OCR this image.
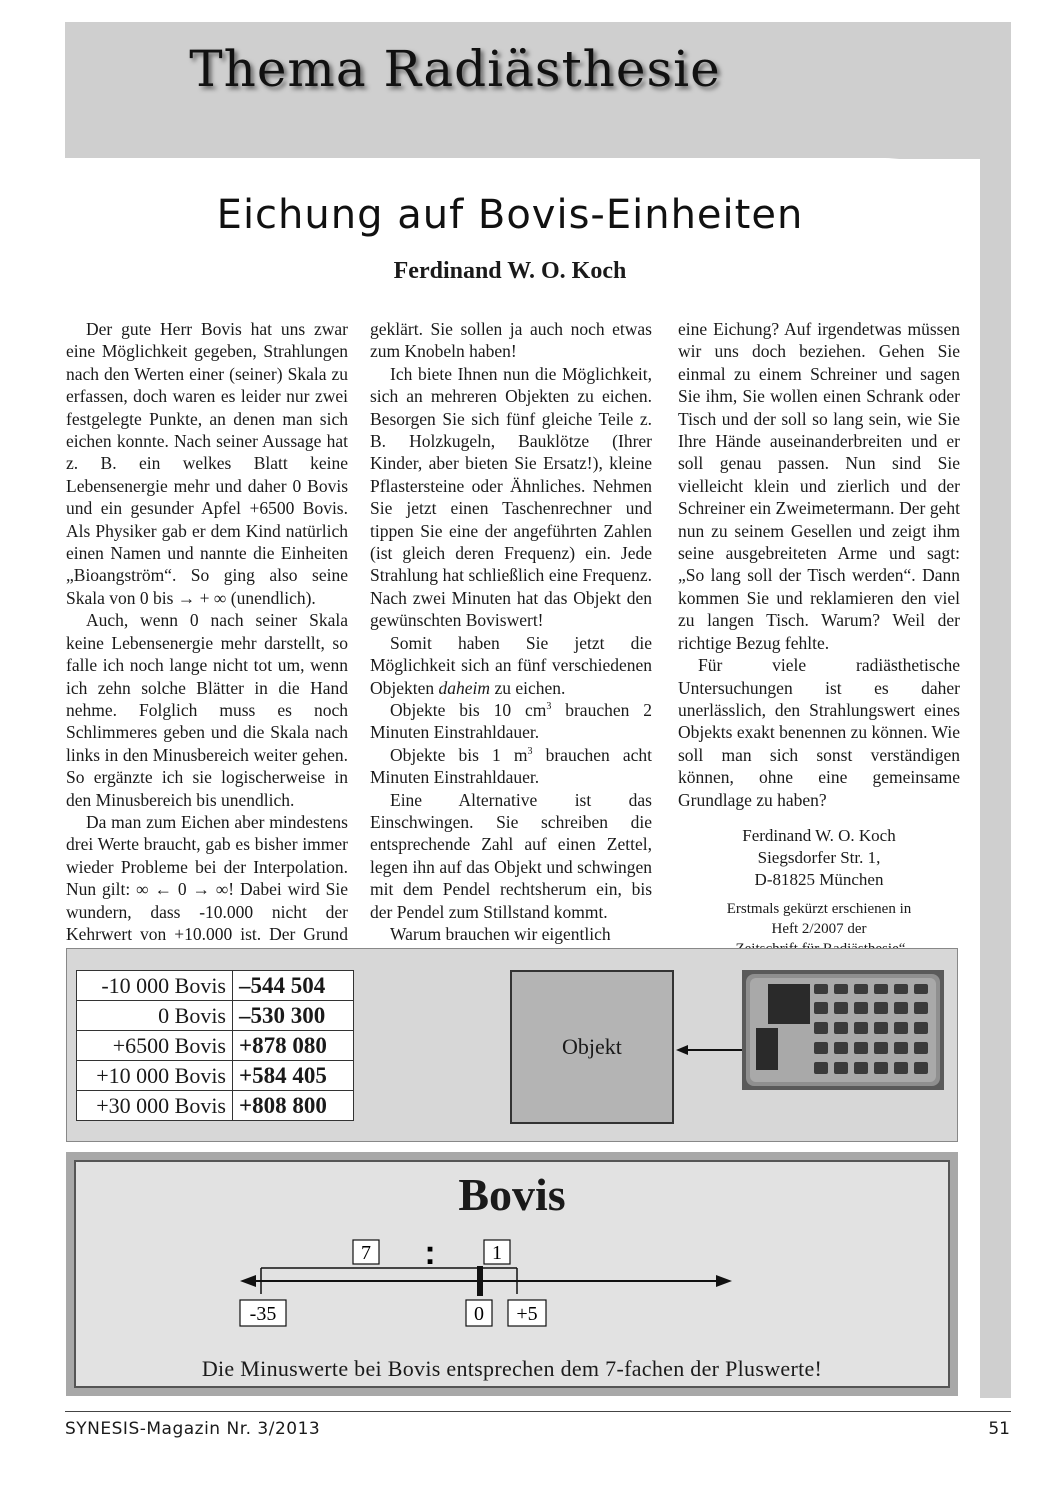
Thema Radiästhesie
Eichung auf Bovis-Einheiten
Ferdinand W. O. Koch

Der gute Herr Bovis hat uns zwar eine Möglichkeit gegeben, Strahlungen nach den Werten einer (seiner) Skala zu erfassen, doch waren es leider nur zwei festgelegte Punkte, an denen man sich eichen konnte. Nach seiner Aussage hat z. B. ein welkes Blatt keine Lebensenergie mehr und daher 0 Bovis und ein gesunder Apfel +6500 Bovis. Als Physiker gab er dem Kind natürlich einen Namen und nannte die Einheiten „Bioangström“. So ging also seine Skala von 0 bis → + ∞ (unendlich).

Auch, wenn 0 nach seiner Skala keine Lebensenergie mehr darstellt, so falle ich noch lange nicht tot um, wenn ich zehn solche Blätter in die Hand nehme. Folglich muss es noch Schlimmeres geben und die Skala nach links in den Minusbereich weiter gehen. So ergänzte ich sie logischerweise in den Minusbereich bis unendlich.

Da man zum Eichen aber mindestens drei Werte braucht, gab es bisher immer wieder Probleme bei der Interpolation. Nun gilt: ∞ ← 0 → ∞! Dabei wird Sie wundern, dass -10.000 nicht der Kehrwert von +10.000 ist. Der Grund

geklärt. Sie sollen ja auch noch etwas zum Knobeln haben!

Ich biete Ihnen nun die Möglichkeit, sich an mehreren Objekten zu eichen. Besorgen Sie sich fünf gleiche Teile z. B. Holzkugeln, Bauklötze (Ihrer Kinder, aber bieten Sie Ersatz!), kleine Pflastersteine oder Ähnliches. Nehmen Sie jetzt einen Taschenrechner und tippen Sie eine der angeführten Zahlen (ist gleich deren Frequenz) ein. Jede Strahlung hat schließlich eine Frequenz. Nach zwei Minuten hat das Objekt den gewünschten Boviswert!

Somit haben Sie jetzt die Möglichkeit sich an fünf verschiedenen Objekten daheim zu eichen.

Objekte bis 10 $cm^3$ brauchen 2 Minuten Einstrahldauer.

Objekte bis 1 $m^3$ brauchen acht Minuten Einstrahldauer.

Eine Alternative ist das Einschwingen. Sie schreiben die entsprechende Zahl auf einen Zettel, legen ihn auf das Objekt und schwingen mit dem Pendel rechtsherum ein, bis der Pendel zum Stillstand kommt.

Warum brauchen wir eigentlich

eine Eichung? Auf irgendetwas müssen wir uns doch beziehen. Gehen Sie einmal zu einem Schreiner und sagen Sie ihm, Sie wollen einen Schrank oder Tisch und der soll so lang sein, wie Sie Ihre Hände auseinanderbreiten und er soll genau passen. Nun sind Sie vielleicht klein und zierlich und der Schreiner ein Zweimetermann. Der geht nun zu seinem Gesellen und zeigt ihm seine ausgebreiteten Arme und sagt: „So lang soll der Tisch werden“. Dann kommen Sie und reklamieren den viel zu langen Tisch. Warum? Weil der richtige Bezug fehlte.

Für viele radiästhetische Untersuchungen ist es daher unerlässlich, den Strahlungswert eines Objekts exakt benennen zu können. Wie soll man sich sonst verständigen können, ohne eine gemeinsame Grundlage zu haben?

Ferdinand W. O. Koch
Siegsdorfer Str. 1,
D-81825 München
Erstmals gekürzt erschienen in
Heft 2/2007 der
-10 000 Bovis	–544 504
0 Bovis	–530 300
+6500 Bovis	+878 080
+10 000 Bovis	+584 405
+30 000 Bovis	+808 800
Objekt
Bovis
7 :	1
-35	0 +5
Die Minuswerte bei Bovis entsprechen dem 7-fachen der Pluswerte!
SYNESIS-Magazin Nr. 3/2013	51
